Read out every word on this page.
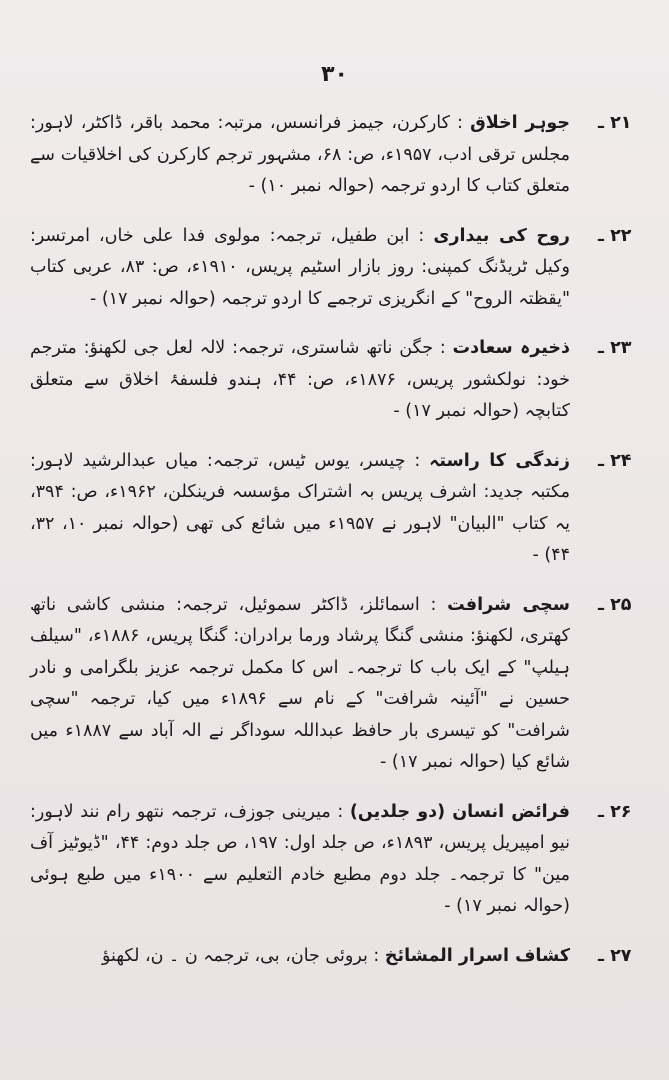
۳۰
۲۱ ـ

جوہر اخلاق : کارکرن، جیمز فرانسس، مرتبہ: محمد باقر، ڈاکٹر، لاہور: مجلس ترقی ادب، ۱۹۵۷ء، ص: ۶۸، مشہور ترجم کارکرن کی اخلاقیات سے متعلق کتاب کا اردو ترجمہ (حوالہ نمبر ۱۰) -

۲۲ ـ

روح کی بیداری : ابن طفیل، ترجمہ: مولوی فدا علی خاں، امرتسر: وکیل ٹریڈنگ کمپنی: روز بازار اسٹیم پریس، ۱۹۱۰ء، ص: ۸۳، عربی کتاب "یقظتہ الروح" کے انگریزی ترجمے کا اردو ترجمہ (حوالہ نمبر ۱۷) -

۲۳ ـ

ذخیرہ سعادت : جگن ناتھ شاستری، ترجمہ: لالہ لعل جی لکھنؤ: مترجم خود: نولکشور پریس، ۱۸۷۶ء، ص: ۴۴، ہندو فلسفۂ اخلاق سے متعلق کتابچہ (حوالہ نمبر ۱۷) -

۲۴ ـ

زندگی کا راستہ : چیسر، یوس ٹیس، ترجمہ: میاں عبدالرشید لاہور: مکتبہ جدید: اشرف پریس بہ اشتراک مؤسسہ فرینکلن، ۱۹۶۲ء، ص: ۳۹۴، یہ کتاب "البیان" لاہور نے ۱۹۵۷ء میں شائع کی تھی (حوالہ نمبر ۱۰، ۳۲، ۴۴) -

۲۵ ـ

سچی شرافت : اسمائلز، ڈاکٹر سموئیل، ترجمہ: منشی کاشی ناتھ کھتری، لکھنؤ: منشی گنگا پرشاد ورما برادران: گنگا پریس، ۱۸۸۶ء، "سیلف ہیلپ" کے ایک باب کا ترجمہ۔ اس کا مکمل ترجمہ عزیز بلگرامی و نادر حسین نے "آئینہ شرافت" کے نام سے ۱۸۹۶ء میں کیا، ترجمہ "سچی شرافت" کو تیسری بار حافظ عبداللہ سوداگر نے الہ آباد سے ۱۸۸۷ء میں شائع کیا (حوالہ نمبر ۱۷) -

۲۶ ـ

فرائض انسان (دو جلدیں) : میرینی جوزف، ترجمہ نتھو رام نند لاہور: نیو امپیریل پریس، ۱۸۹۳ء، ص جلد اول: ۱۹۷، ص جلد دوم: ۴۴، "ڈیوٹیز آف مین" کا ترجمہ۔ جلد دوم مطبع خادم التعلیم سے ۱۹۰۰ء میں طبع ہوئی (حوالہ نمبر ۱۷) -

۲۷ ـ

کشاف اسرار المشائخ : بروئی جان، بی، ترجمہ ن ۔ ن، لکھنؤ
